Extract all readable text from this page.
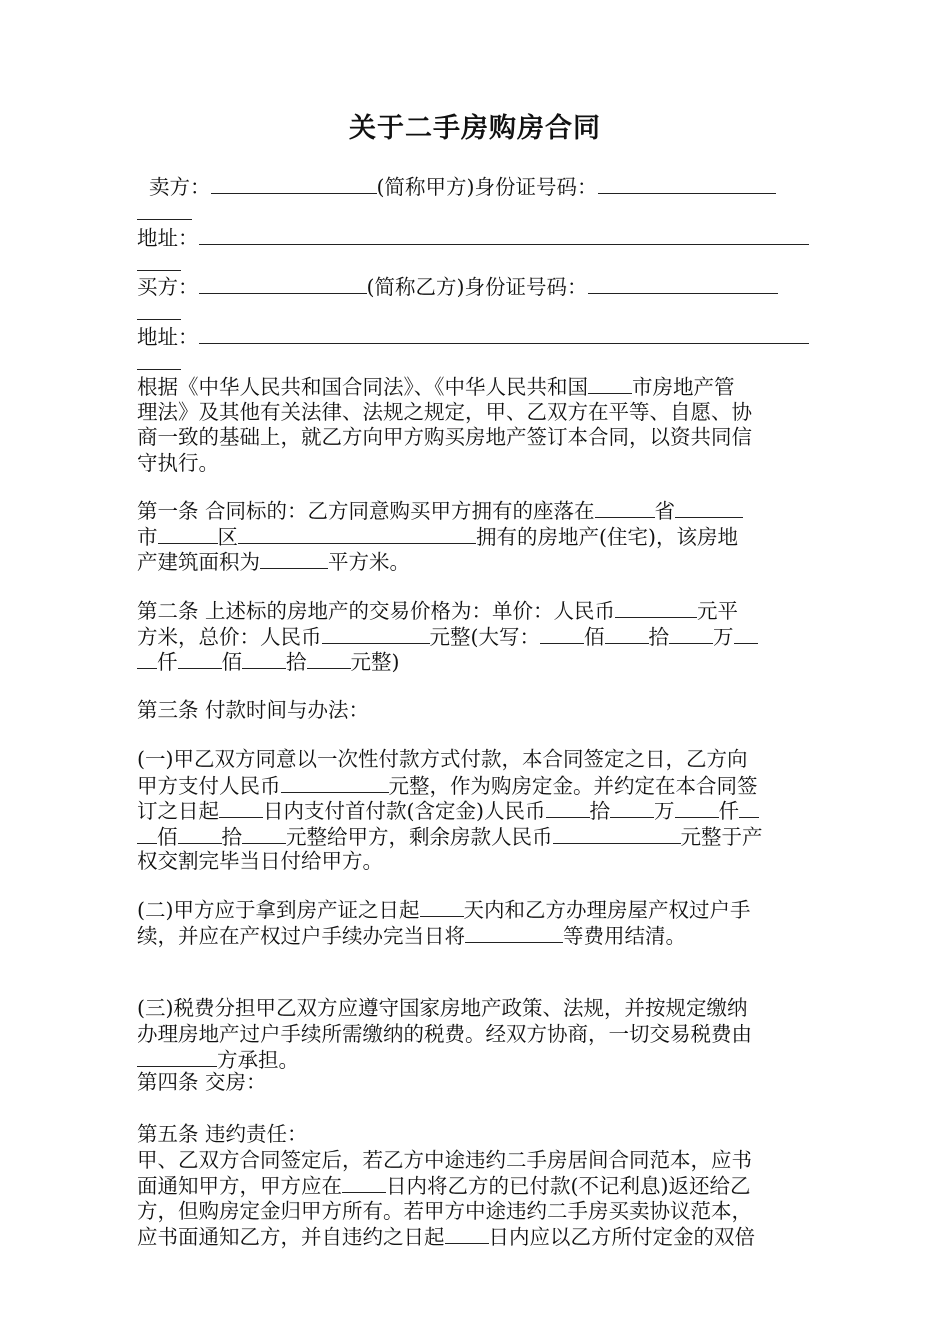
关于二手房购房合同
卖方：	(简称甲方)身份证号码：
地址：
买方：	(简称乙方)身份证号码：
地址：
根据《中华人民共和国合同法》、《中华人民共和国 市房地产管
理法》及其他有关法律、法规之规定，甲、乙双方在平等、自愿、协
商一致的基础上，就乙方向甲方购买房地产签订本合同，以资共同信
守执行。
第一条 合同标的：乙方同意购买甲方拥有的座落在	省
市	区	拥有的房地产(住宅)，该房地
产建筑面积为	平方米。
第二条 上述标的房地产的交易价格为：单价：人民币	元平
方米，总价：人民币	元整(大写： 佰 拾 万
仟 佰 拾 元整)
第三条 付款时间与办法：
(一)甲乙双方同意以一次性付款方式付款，本合同签定之日，乙方向
甲方支付人民币	元整，作为购房定金。并约定在本合同签
订之日起 日内支付首付款(含定金)人民币 拾 万 仟
佰 拾 元整给甲方，剩余房款人民币	元整于产
权交割完毕当日付给甲方。
(二)甲方应于拿到房产证之日起 天内和乙方办理房屋产权过户手
续，并应在产权过户手续办完当日将	等费用结清。
(三)税费分担甲乙双方应遵守国家房地产政策、法规，并按规定缴纳
办理房地产过户手续所需缴纳的税费。经双方协商，一切交易税费由
方承担。
第四条 交房：
第五条 违约责任：
甲、乙双方合同签定后，若乙方中途违约二手房居间合同范本，应书
面通知甲方，甲方应在 日内将乙方的已付款(不记利息)返还给乙
方，但购房定金归甲方所有。若甲方中途违约二手房买卖协议范本，
应书面通知乙方，并自违约之日起 日内应以乙方所付定金的双倍
